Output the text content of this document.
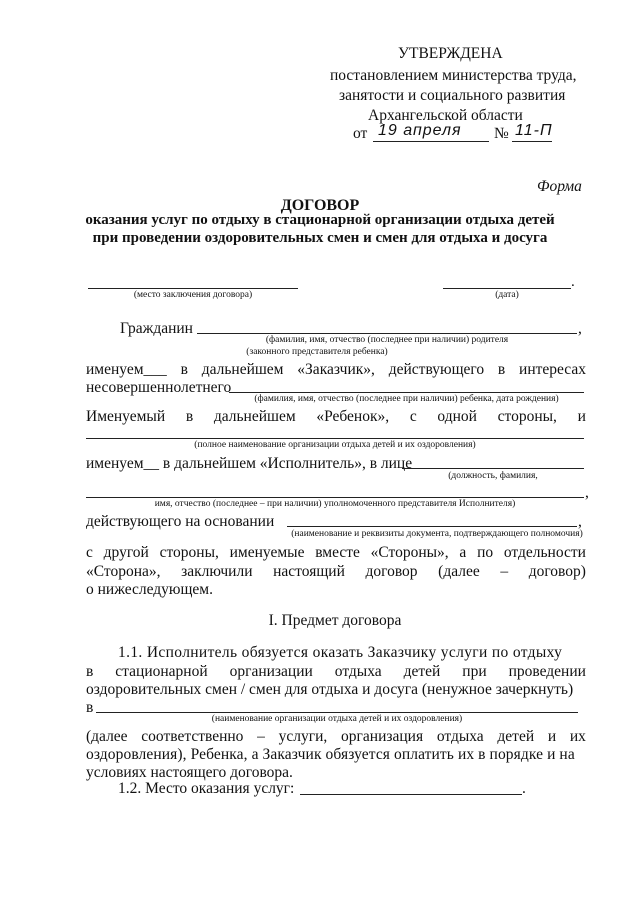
УТВЕРЖДЕНА
постановлением министерства труда,
занятости и социального развития
Архангельской области
от 19 апреля № 11-П
Форма
ДОГОВОР
оказания услуг по отдыху в стационарной организации отдыха детей
при проведении оздоровительных смен и смен для отдыха и досуга
(место заключения договора)
.
(дата)
Гражданин	,
(фамилия, имя, отчество (последнее при наличии) родителя
(законного представителя ребенка)
именуем___ в дальнейшем «Заказчик», действующего в интересах
несовершеннолетнего
(фамилия, имя, отчество (последнее при наличии) ребенка, дата рождения)
Именуемый в дальнейшем «Ребенок», с одной стороны, и
(полное наименование организации отдыха детей и их оздоровления)
именуем__ в дальнейшем «Исполнитель», в лице
(должность, фамилия,
,
имя, отчество (последнее – при наличии) уполномоченного представителя Исполнителя)
действующего на основании	,
(наименование и реквизиты документа, подтверждающего полномочия)
с другой стороны, именуемые вместе «Стороны», а по отдельности
«Сторона», заключили настоящий договор (далее – договор)
о нижеследующем.
I. Предмет договора
1.1. Исполнитель обязуется оказать Заказчику услуги по отдыху
в стационарной организации отдыха детей при проведении
оздоровительных смен / смен для отдыха и досуга (ненужное зачеркнуть)
в
(наименование организации отдыха детей и их оздоровления)
(далее соответственно – услуги, организация отдыха детей и их
оздоровления), Ребенка, а Заказчик обязуется оплатить их в порядке и на
условиях настоящего договора.
1.2. Место оказания услуг:	.
